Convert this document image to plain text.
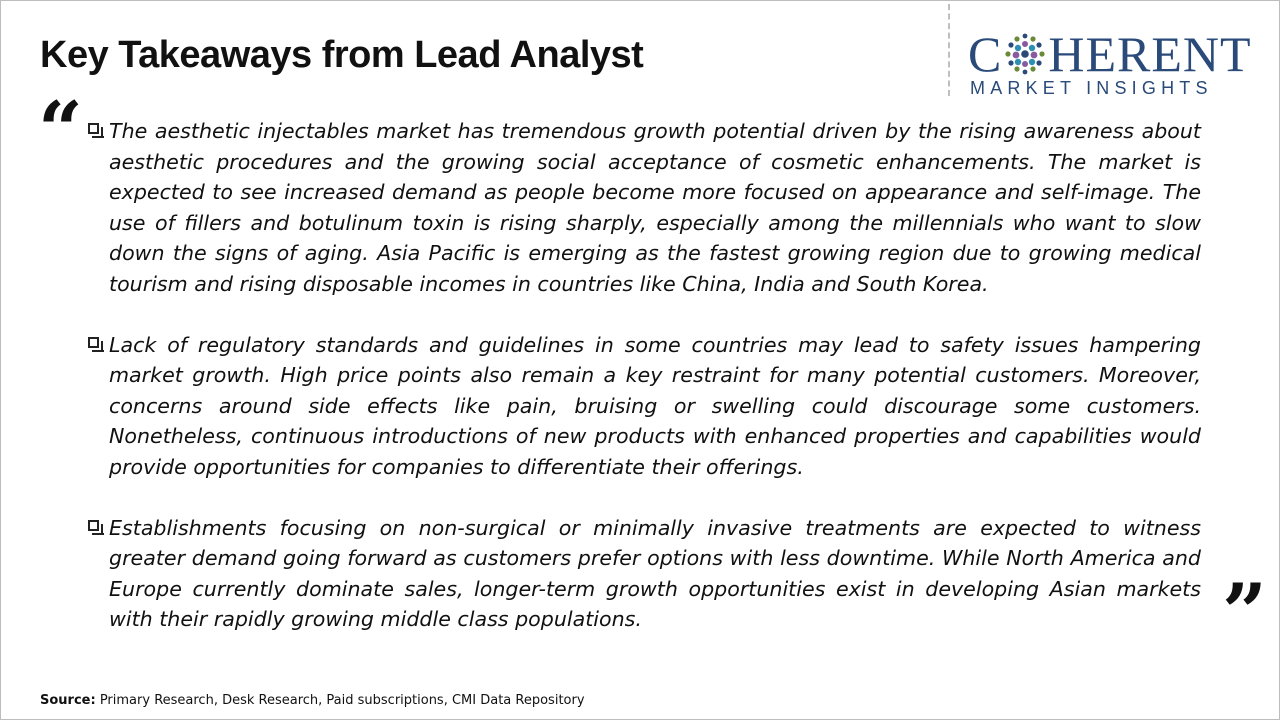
Key Takeaways from Lead Analyst	C HERENT
MARKET INSIGHTS
“ The aesthetic injectables market has tremendous growth potential driven by the rising awareness about aesthetic procedures and the growing social acceptance of cosmetic enhancements. The market is expected to see increased demand as people become more focused on appearance and self-image. The use of fillers and botulinum toxin is rising sharply, especially among the millennials who want to slow down the signs of aging. Asia Pacific is emerging as the fastest growing region due to growing medical tourism and rising disposable incomes in countries like China, India and South Korea.

Lack of regulatory standards and guidelines in some countries may lead to safety issues hampering market growth. High price points also remain a key restraint for many potential customers. Moreover, concerns around side effects like pain, bruising or swelling could discourage some customers. Nonetheless, continuous introductions of new products with enhanced properties and capabilities would provide opportunities for companies to differentiate their offerings.

Establishments focusing on non-surgical or minimally invasive treatments are expected to witness greater demand going forward as customers prefer options with less downtime. While North America and Europe currently dominate sales, longer-term growth opportunities exist in developing Asian markets with their rapidly growing middle class populations.	”
Source: Primary Research, Desk Research, Paid subscriptions, CMI Data Repository
